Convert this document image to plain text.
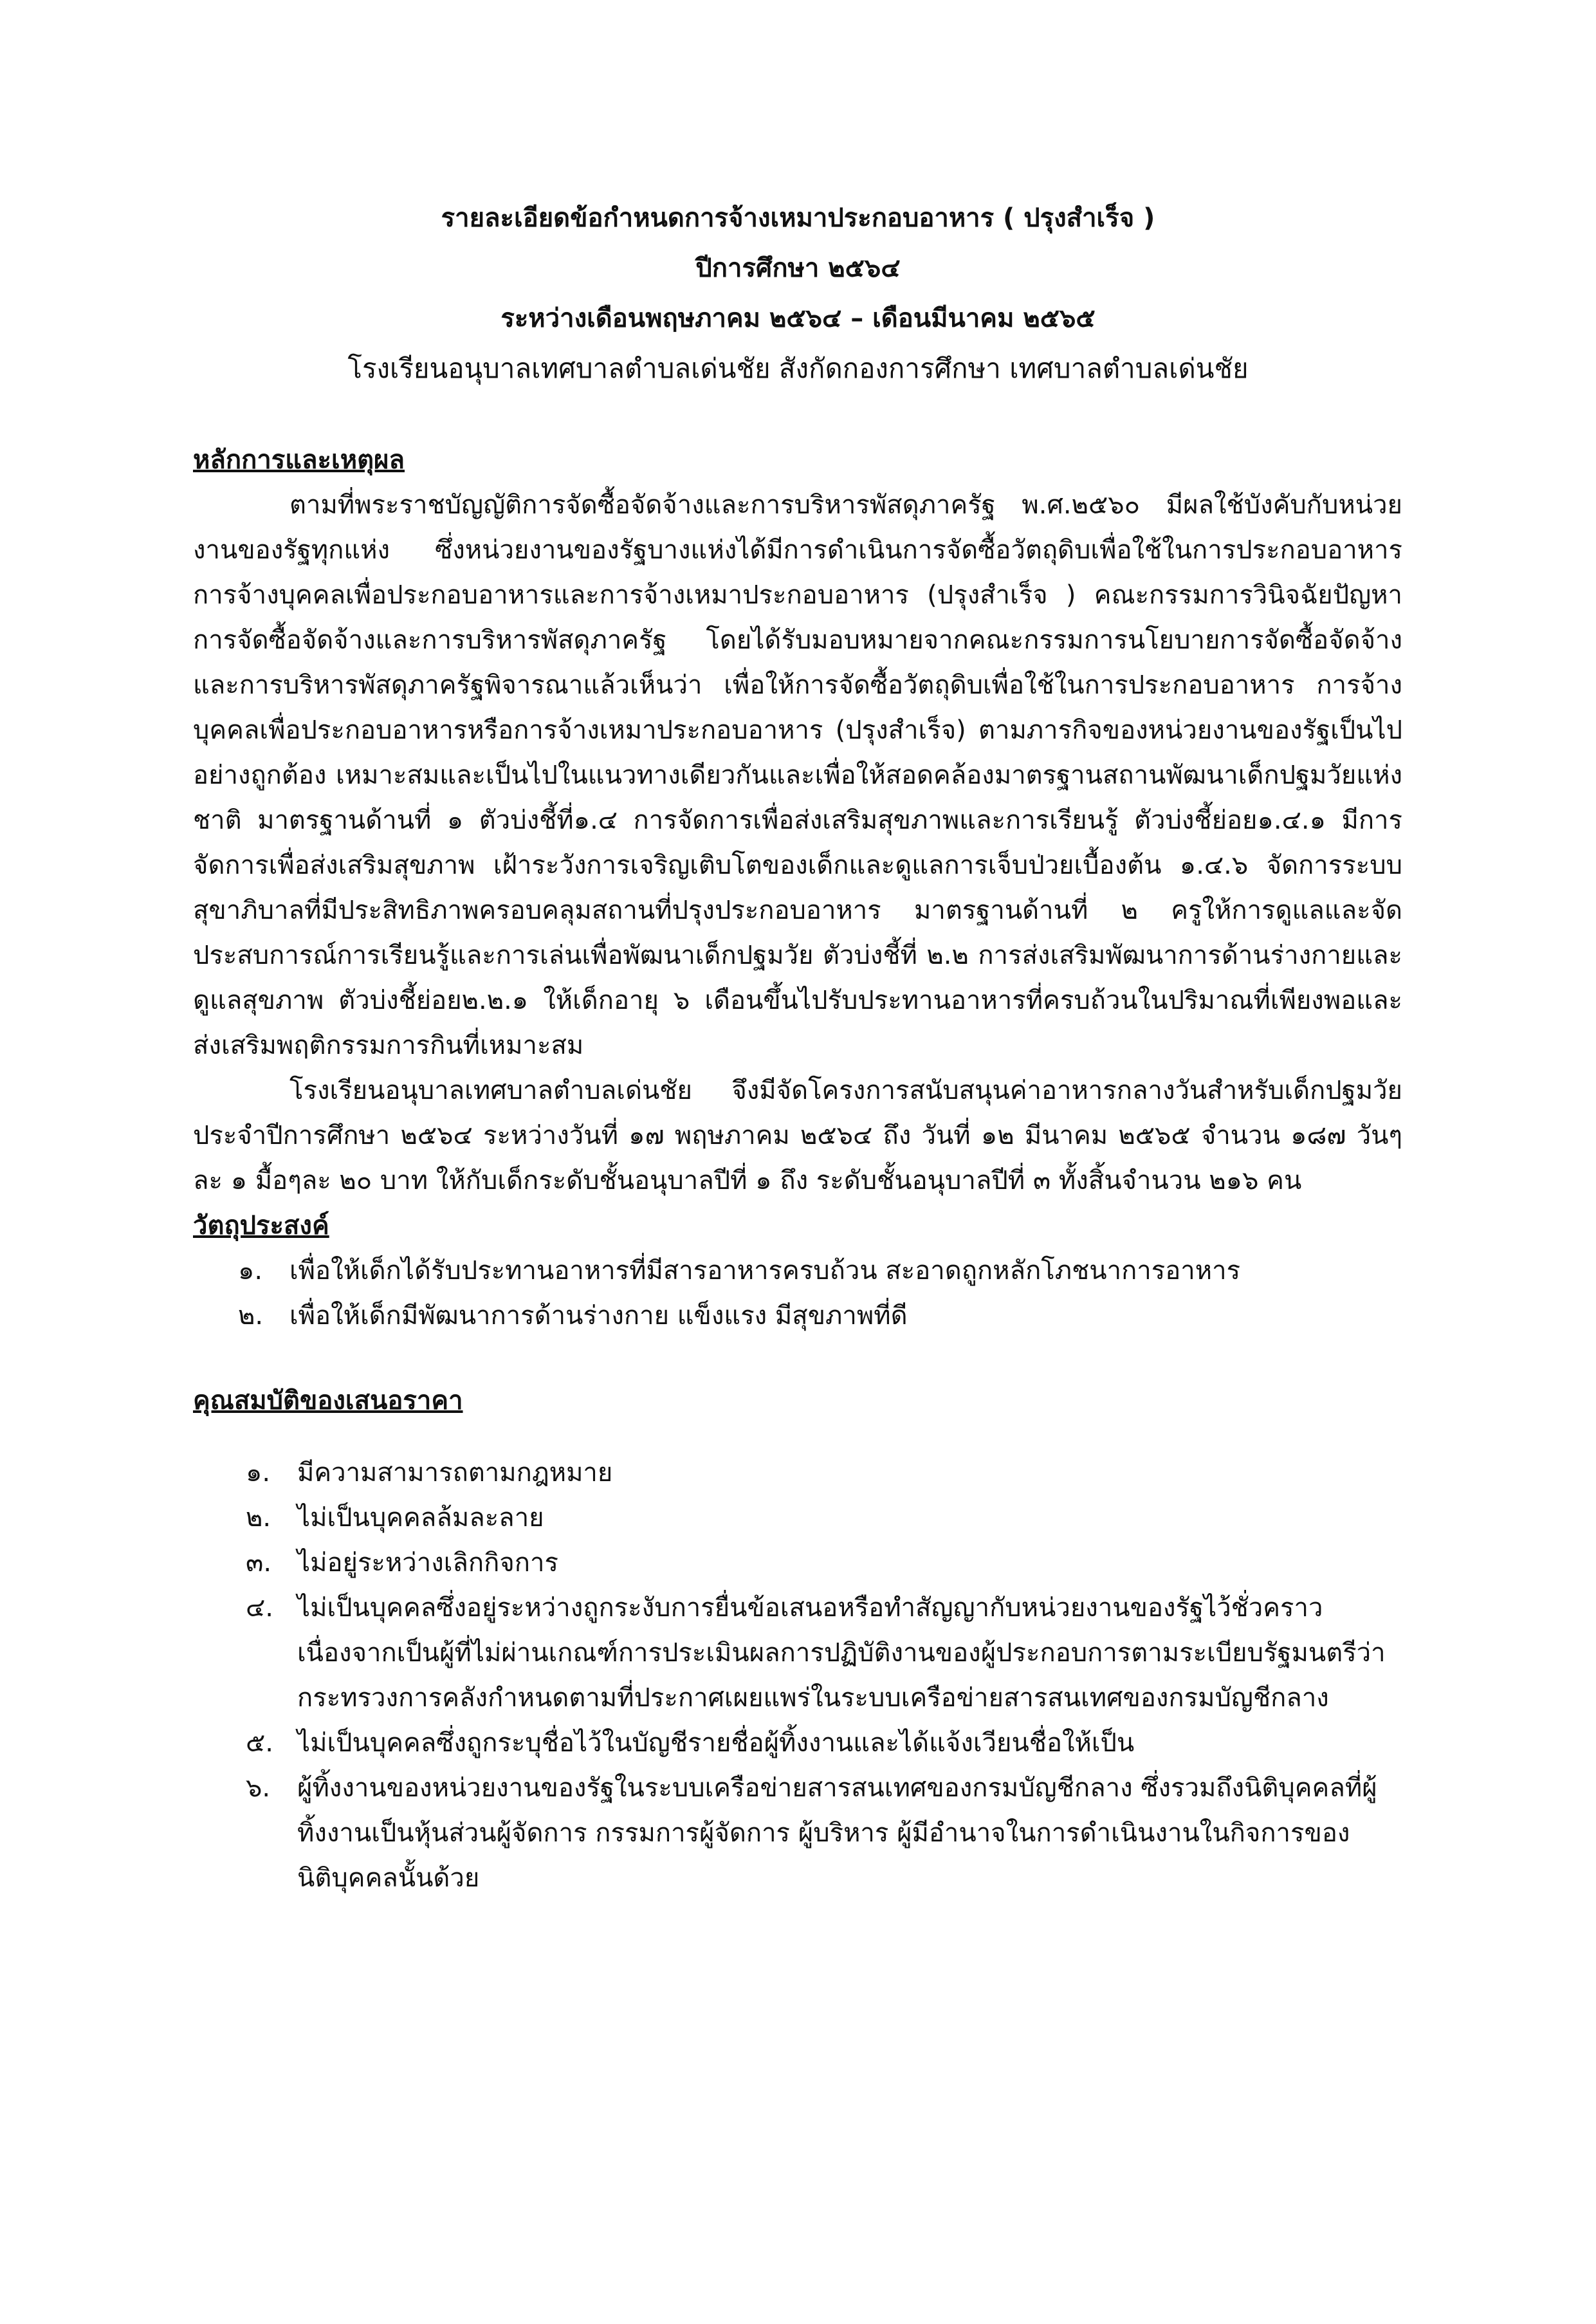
รายละเอียดข้อกำหนดการจ้างเหมาประกอบอาหาร ( ปรุงสำเร็จ )
ปีการศึกษา ๒๕๖๔
ระหว่างเดือนพฤษภาคม ๒๕๖๔ – เดือนมีนาคม ๒๕๖๕
โรงเรียนอนุบาลเทศบาลตำบลเด่นชัย สังกัดกองการศึกษา เทศบาลตำบลเด่นชัย
หลักการและเหตุผล
ตามที่พระราชบัญญัติการจัดซื้อจัดจ้างและการบริหารพัสดุภาครัฐ พ.ศ.๒๕๖๐ มีผลใช้บังคับกับหน่วยงานของรัฐทุกแห่ง ซึ่งหน่วยงานของรัฐบางแห่งได้มีการดำเนินการจัดซื้อวัตถุดิบเพื่อใช้ในการประกอบอาหาร การจ้างบุคคลเพื่อประกอบอาหารและการจ้างเหมาประกอบอาหาร (ปรุงสำเร็จ ) คณะกรรมการวินิจฉัยปัญหาการจัดซื้อจัดจ้างและการบริหารพัสดุภาครัฐ โดยได้รับมอบหมายจากคณะกรรมการนโยบายการจัดซื้อจัดจ้างและการบริหารพัสดุภาครัฐพิจารณาแล้วเห็นว่า เพื่อให้การจัดซื้อวัตถุดิบเพื่อใช้ในการประกอบอาหาร การจ้างบุคคลเพื่อประกอบอาหารหรือการจ้างเหมาประกอบอาหาร (ปรุงสำเร็จ) ตามภารกิจของหน่วยงานของรัฐเป็นไปอย่างถูกต้อง เหมาะสมและเป็นไปในแนวทางเดียวกันและเพื่อให้สอดคล้องมาตรฐานสถานพัฒนาเด็กปฐมวัยแห่งชาติ มาตรฐานด้านที่ ๑ ตัวบ่งชี้ที่๑.๔ การจัดการเพื่อส่งเสริมสุขภาพและการเรียนรู้ ตัวบ่งชี้ย่อย๑.๔.๑ มีการจัดการเพื่อส่งเสริมสุขภาพ เฝ้าระวังการเจริญเติบโตของเด็กและดูแลการเจ็บป่วยเบื้องต้น ๑.๔.๖ จัดการระบบสุขาภิบาลที่มีประสิทธิภาพครอบคลุมสถานที่ปรุงประกอบอาหาร มาตรฐานด้านที่ ๒ ครูให้การดูแลและจัดประสบการณ์การเรียนรู้และการเล่นเพื่อพัฒนาเด็กปฐมวัย ตัวบ่งชี้ที่ ๒.๒ การส่งเสริมพัฒนาการด้านร่างกายและดูแลสุขภาพ ตัวบ่งชี้ย่อย๒.๒.๑ ให้เด็กอายุ ๖ เดือนขึ้นไปรับประทานอาหารที่ครบถ้วนในปริมาณที่เพียงพอและส่งเสริมพฤติกรรมการกินที่เหมาะสม
โรงเรียนอนุบาลเทศบาลตำบลเด่นชัย จึงมีจัดโครงการสนับสนุนค่าอาหารกลางวันสำหรับเด็กปฐมวัยประจำปีการศึกษา ๒๕๖๔ ระหว่างวันที่ ๑๗ พฤษภาคม ๒๕๖๔ ถึง วันที่ ๑๒ มีนาคม ๒๕๖๕ จำนวน ๑๘๗ วันๆละ ๑ มื้อๆละ ๒๐ บาท ให้กับเด็กระดับชั้นอนุบาลปีที่ ๑ ถึง ระดับชั้นอนุบาลปีที่ ๓ ทั้งสิ้นจำนวน ๒๑๖ คน
วัตถุประสงค์
๑.	เพื่อให้เด็กได้รับประทานอาหารที่มีสารอาหารครบถ้วน สะอาดถูกหลักโภชนาการอาหาร
๒.	เพื่อให้เด็กมีพัฒนาการด้านร่างกาย แข็งแรง มีสุขภาพที่ดี
คุณสมบัติของเสนอราคา
๑.	มีความสามารถตามกฎหมาย
๒.	ไม่เป็นบุคคลล้มละลาย
๓. ไม่อยู่ระหว่างเลิกกิจการ
๔. ไม่เป็นบุคคลซึ่งอยู่ระหว่างถูกระงับการยื่นข้อเสนอหรือทำสัญญากับหน่วยงานของรัฐไว้ชั่วคราวเนื่องจากเป็นผู้ที่ไม่ผ่านเกณฑ์การประเมินผลการปฏิบัติงานของผู้ประกอบการตามระเบียบรัฐมนตรีว่ากระทรวงการคลังกำหนดตามที่ประกาศเผยแพร่ในระบบเครือข่ายสารสนเทศของกรมบัญชีกลาง
๕. ไม่เป็นบุคคลซึ่งถูกระบุชื่อไว้ในบัญชีรายชื่อผู้ทิ้งงานและได้แจ้งเวียนชื่อให้เป็น
๖.	ผู้ทิ้งงานของหน่วยงานของรัฐในระบบเครือข่ายสารสนเทศของกรมบัญชีกลาง ซึ่งรวมถึงนิติบุคคลที่ผู้ทิ้งงานเป็นหุ้นส่วนผู้จัดการ กรรมการผู้จัดการ ผู้บริหาร ผู้มีอำนาจในการดำเนินงานในกิจการของนิติบุคคลนั้นด้วย
